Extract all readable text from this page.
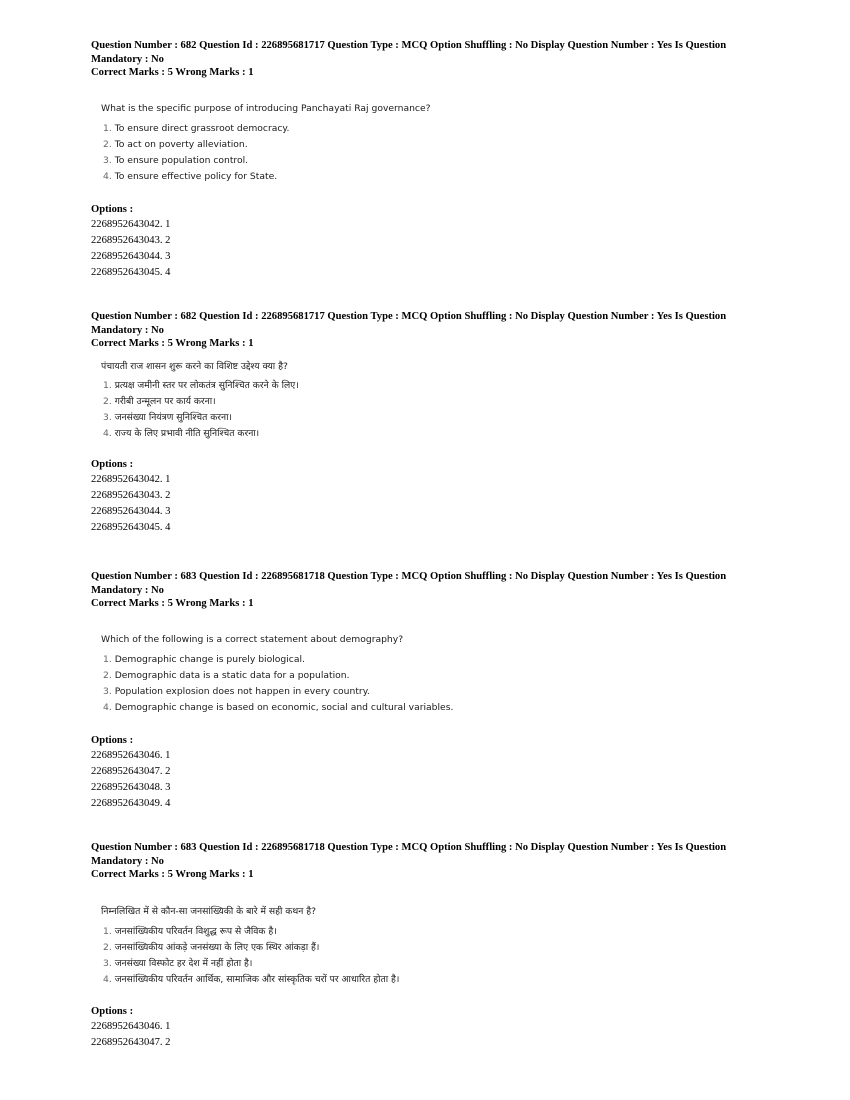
Question Number : 682 Question Id : 226895681717 Question Type : MCQ Option Shuffling : No Display Question Number : Yes Is Question
Mandatory : No
Correct Marks : 5 Wrong Marks : 1
What is the specific purpose of introducing Panchayati Raj governance?
1. To ensure direct grassroot democracy.
2. To act on poverty alleviation.
3. To ensure population control.
4. To ensure effective policy for State.
Options :
2268952643042. 1
2268952643043. 2
2268952643044. 3
2268952643045. 4
Question Number : 682 Question Id : 226895681717 Question Type : MCQ Option Shuffling : No Display Question Number : Yes Is Question
Mandatory : No
Correct Marks : 5 Wrong Marks : 1
पंचायती राज शासन शुरू करने का विशिष्ट उद्देश्य क्या है?
1. प्रत्यक्ष जमीनी स्तर पर लोकतंत्र सुनिश्चित करने के लिए।
2. गरीबी उन्मूलन पर कार्य करना।
3. जनसंख्या नियंत्रण सुनिश्चित करना।
4. राज्य के लिए प्रभावी नीति सुनिश्चित करना।
Options :
2268952643042. 1
2268952643043. 2
2268952643044. 3
2268952643045. 4
Question Number : 683 Question Id : 226895681718 Question Type : MCQ Option Shuffling : No Display Question Number : Yes Is Question
Mandatory : No
Correct Marks : 5 Wrong Marks : 1
Which of the following is a correct statement about demography?
1. Demographic change is purely biological.
2. Demographic data is a static data for a population.
3. Population explosion does not happen in every country.
4. Demographic change is based on economic, social and cultural variables.
Options :
2268952643046. 1
2268952643047. 2
2268952643048. 3
2268952643049. 4
Question Number : 683 Question Id : 226895681718 Question Type : MCQ Option Shuffling : No Display Question Number : Yes Is Question
Mandatory : No
Correct Marks : 5 Wrong Marks : 1
निम्नलिखित में से कौन-सा जनसांख्यिकी के बारे में सही कथन है?
1. जनसांख्यिकीय परिवर्तन विशुद्ध रूप से जैविक है।
2. जनसांख्यिकीय आंकड़े जनसंख्या के लिए एक स्थिर आंकड़ा हैं।
3. जनसंख्या विस्फोट हर देश में नहीं होता है।
4. जनसांख्यिकीय परिवर्तन आर्थिक, सामाजिक और सांस्कृतिक चरों पर आधारित होता है।
Options :
2268952643046. 1
2268952643047. 2
